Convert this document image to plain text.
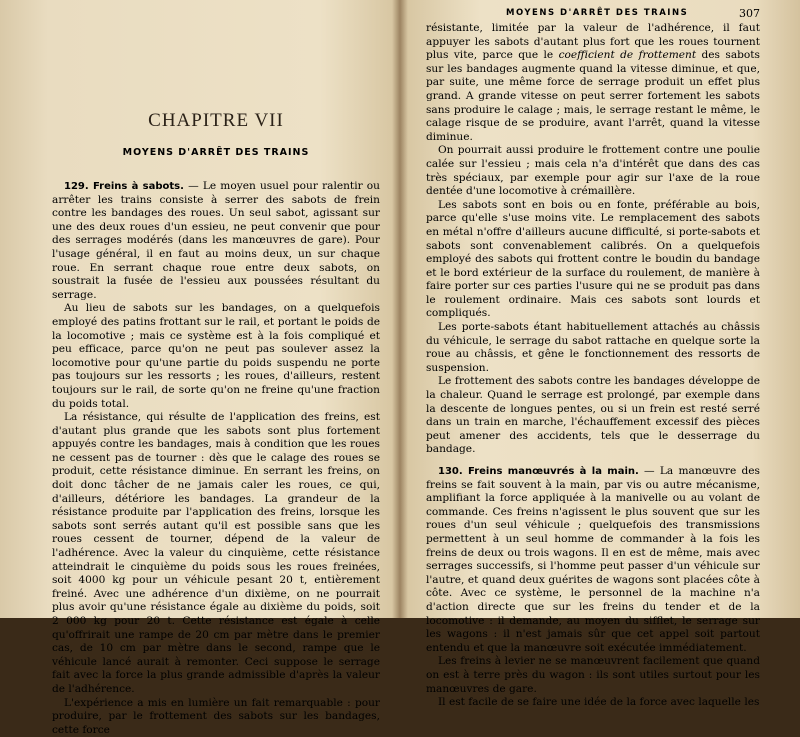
CHAPITRE VII
MOYENS D'ARRÊT DES TRAINS

129. Freins à sabots. — Le moyen usuel pour ralentir ou arrêter les trains consiste à serrer des sabots de frein contre les bandages des roues. Un seul sabot, agissant sur une des deux roues d'un essieu, ne peut convenir que pour des serrages modérés (dans les manœuvres de gare). Pour l'usage général, il en faut au moins deux, un sur chaque roue. En serrant chaque roue entre deux sabots, on soustrait la fusée de l'essieu aux poussées résultant du serrage.

Au lieu de sabots sur les bandages, on a quelquefois employé des patins frottant sur le rail, et portant le poids de la locomotive ; mais ce système est à la fois compliqué et peu efficace, parce qu'on ne peut pas soulever assez la locomotive pour qu'une partie du poids suspendu ne porte pas toujours sur les ressorts ; les roues, d'ailleurs, restent toujours sur le rail, de sorte qu'on ne freine qu'une fraction du poids total.

La résistance, qui résulte de l'application des freins, est d'autant plus grande que les sabots sont plus fortement appuyés contre les bandages, mais à condition que les roues ne cessent pas de tourner : dès que le calage des roues se produit, cette résistance diminue. En serrant les freins, on doit donc tâcher de ne jamais caler les roues, ce qui, d'ailleurs, détériore les bandages. La grandeur de la résistance produite par l'application des freins, lorsque les sabots sont serrés autant qu'il est possible sans que les roues cessent de tourner, dépend de la valeur de l'adhérence. Avec la valeur du cinquième, cette résistance atteindrait le cinquième du poids sous les roues freinées, soit 4000 kg pour un véhicule pesant 20 t, entièrement freiné. Avec une adhérence d'un dixième, on ne pourrait plus avoir qu'une résistance égale au dixième du poids, soit 2 000 kg pour 20 t. Cette résistance est égale à celle qu'offrirait une rampe de 20 cm par mètre dans le premier cas, de 10 cm par mètre dans le second, rampe que le véhicule lancé aurait à remonter. Ceci suppose le serrage fait avec la force la plus grande admissible d'après la valeur de l'adhérence.

L'expérience a mis en lumière un fait remarquable : pour produire, par le frottement des sabots sur les bandages, cette force

MOYENS D'ARRÊT DES TRAINS	307

résistante, limitée par la valeur de l'adhérence, il faut appuyer les sabots d'autant plus fort que les roues tournent plus vite, parce que le coefficient de frottement des sabots sur les bandages augmente quand la vitesse diminue, et que, par suite, une même force de serrage produit un effet plus grand. A grande vitesse on peut serrer fortement les sabots sans produire le calage ; mais, le serrage restant le même, le calage risque de se produire, avant l'arrêt, quand la vitesse diminue.

On pourrait aussi produire le frottement contre une poulie calée sur l'essieu ; mais cela n'a d'intérêt que dans des cas très spéciaux, par exemple pour agir sur l'axe de la roue dentée d'une locomotive à crémaillère.

Les sabots sont en bois ou en fonte, préférable au bois, parce qu'elle s'use moins vite. Le remplacement des sabots en métal n'offre d'ailleurs aucune difficulté, si porte-sabots et sabots sont convenablement calibrés. On a quelquefois employé des sabots qui frottent contre le boudin du bandage et le bord extérieur de la surface du roulement, de manière à faire porter sur ces parties l'usure qui ne se produit pas dans le roulement ordinaire. Mais ces sabots sont lourds et compliqués.

Les porte-sabots étant habituellement attachés au châssis du véhicule, le serrage du sabot rattache en quelque sorte la roue au châssis, et gêne le fonctionnement des ressorts de suspension.

Le frottement des sabots contre les bandages développe de la chaleur. Quand le serrage est prolongé, par exemple dans la descente de longues pentes, ou si un frein est resté serré dans un train en marche, l'échauffement excessif des pièces peut amener des accidents, tels que le desserrage du bandage.

130. Freins manœuvrés à la main. — La manœuvre des freins se fait souvent à la main, par vis ou autre mécanisme, amplifiant la force appliquée à la manivelle ou au volant de commande. Ces freins n'agissent le plus souvent que sur les roues d'un seul véhicule ; quelquefois des transmissions permettent à un seul homme de commander à la fois les freins de deux ou trois wagons. Il en est de même, mais avec serrages successifs, si l'homme peut passer d'un véhicule sur l'autre, et quand deux guérites de wagons sont placées côte à côte. Avec ce système, le personnel de la machine n'a d'action directe que sur les freins du tender et de la locomotive : il demande, au moyen du sifflet, le serrage sur les wagons : il n'est jamais sûr que cet appel soit partout entendu et que la manœuvre soit exécutée immédiatement.

Les freins à levier ne se manœuvrent facilement que quand on est à terre près du wagon : ils sont utiles surtout pour les manœuvres de gare.

Il est facile de se faire une idée de la force avec laquelle les
